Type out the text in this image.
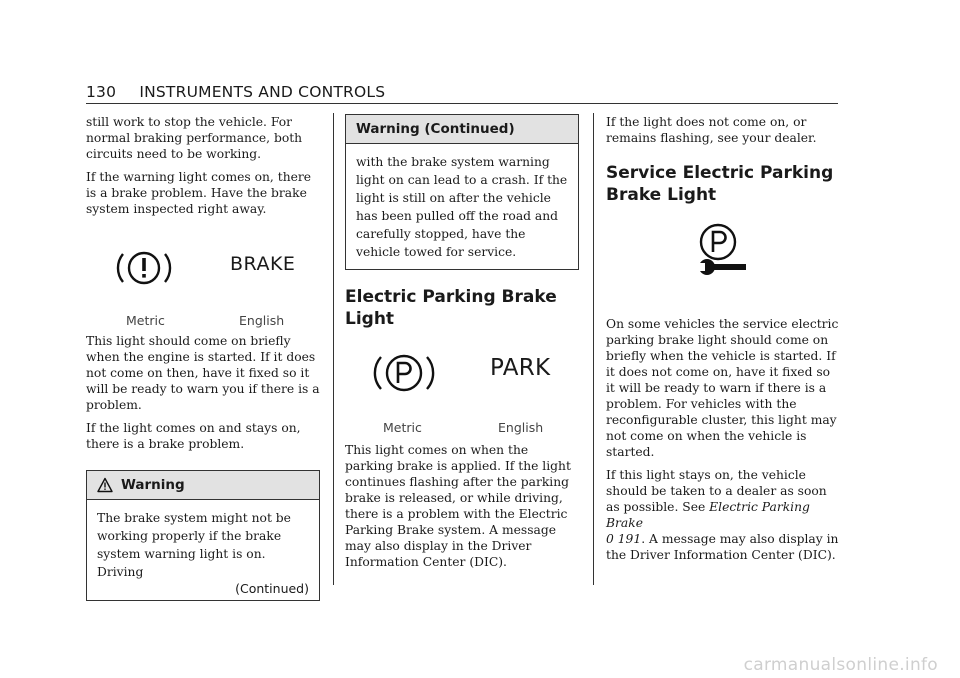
130 INSTRUMENTS AND CONTROLS

still work to stop the vehicle. For normal braking performance, both circuits need to be working.

If the warning light comes on, there is a brake problem. Have the brake system inspected right away.

BRAKE
Metric	English

This light should come on briefly when the engine is started. If it does not come on then, have it fixed so it will be ready to warn you if there is a problem.

If the light comes on and stays on, there is a brake problem.

Warning
The brake system might not be working properly if the brake system warning light is on. Driving
(Continued)
Warning (Continued)
with the brake system warning light on can lead to a crash. If the light is still on after the vehicle has been pulled off the road and carefully stopped, have the vehicle towed for service.
Electric Parking Brake
Light
PARK
Metric	English

This light comes on when the parking brake is applied. If the light continues flashing after the parking brake is released, or while driving, there is a problem with the Electric Parking Brake system. A message may also display in the Driver Information Center (DIC).

If the light does not come on, or remains flashing, see your dealer.

Service Electric Parking
Brake Light

On some vehicles the service electric parking brake light should come on briefly when the vehicle is started. If it does not come on, have it fixed so it will be ready to warn if there is a problem. For vehicles with the reconfigurable cluster, this light may not come on when the vehicle is started.

If this light stays on, the vehicle should be taken to a dealer as soon as possible. See Electric Parking Brake
0 191. A message may also display in the Driver Information Center (DIC).

carmanualsonline.info
